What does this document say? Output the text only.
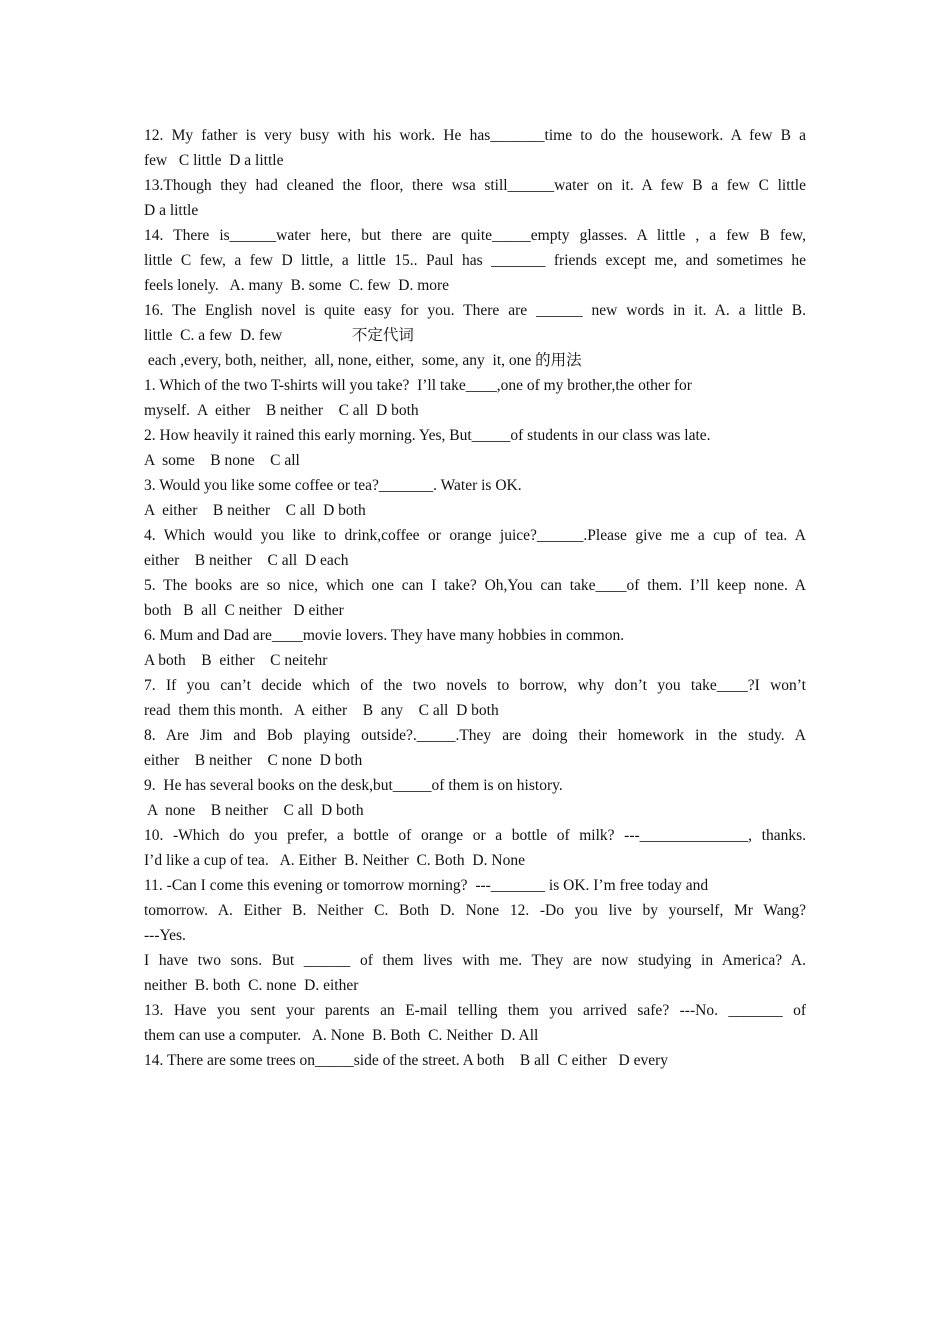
12. My father is very busy with his work. He has_______time to do the housework. A few B a
few   C little  D a little
13.Though they had cleaned the floor, there wsa still______water on it. A few B a few C little
D a little
14. There is______water here, but there are quite_____empty glasses. A little , a few B few,
little C few, a few D little, a little 15.. Paul has _______ friends except me, and sometimes he
feels lonely.   A. many  B. some  C. few  D. more
16. The English novel is quite easy for you. There are ______ new words in it. A. a little B.
little  C. a few  D. few                  不定代词
each ,every, both, neither,  all, none, either,  some, any  it, one 的用法
1. Which of the two T-shirts will you take?  I’ll take____,one of my brother,the other for
myself.  A  either    B neither    C all  D both
2. How heavily it rained this early morning. Yes, But_____of students in our class was late.
A  some    B none    C all
3. Would you like some coffee or tea?_______. Water is OK.
A  either    B neither    C all  D both
4. Which would you like to drink,coffee or orange juice?______.Please give me a cup of tea. A
either    B neither    C all  D each
5. The books are so nice, which one can I take? Oh,You can take____of them. I’ll keep none. A
both   B  all  C neither   D either
6. Mum and Dad are____movie lovers. They have many hobbies in common.
A both    B  either    C neitehr
7. If you can’t decide which of the two novels to borrow, why don’t you take____?I won’t
read  them this month.   A  either    B  any    C all  D both
8. Are Jim and Bob playing outside?._____.They are doing their homework in the study. A
either    B neither    C none  D both
9.  He has several books on the desk,but_____of them is on history.
A  none    B neither    C all  D both
10. -Which do you prefer, a bottle of orange or a bottle of milk? ---______________, thanks.
I’d like a cup of tea.   A. Either  B. Neither  C. Both  D. None
11. -Can I come this evening or tomorrow morning?  ---_______ is OK. I’m free today and
tomorrow. A. Either B. Neither C. Both D. None 12. -Do you live by yourself, Mr Wang?
---Yes.
I have two sons. But ______ of them lives with me. They are now studying in America? A.
neither  B. both  C. none  D. either
13. Have you sent your parents an E-mail telling them you arrived safe? ---No. _______ of
them can use a computer.   A. None  B. Both  C. Neither  D. All
14. There are some trees on_____side of the street. A both    B all  C either   D every
